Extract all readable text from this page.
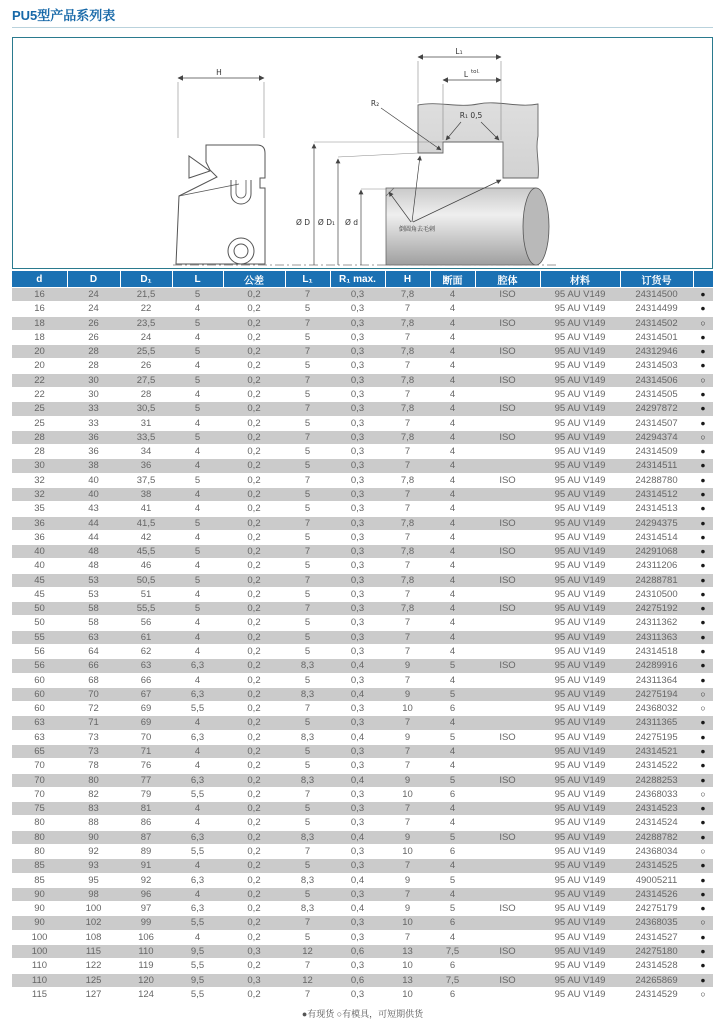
PU5型产品系列表
H
L₁
L tol.
R₂
R₁ 0,5
Ø D Ø D₁ Ø d
倒圆角去毛刺
d	D	D₁	L	公差	L₁	R₁ max.	H	断面	腔体	材料	订货号	
16	24	21,5	5	0,2	7	0,3	7,8	4	ISO	95 AU V149	24314500	●
16	24	22	4	0,2	5	0,3	7	4		95 AU V149	24314499	●
18	26	23,5	5	0,2	7	0,3	7,8	4	ISO	95 AU V149	24314502	○
18	26	24	4	0,2	5	0,3	7	4		95 AU V149	24314501	●
20	28	25,5	5	0,2	7	0,3	7,8	4	ISO	95 AU V149	24312946	●
20	28	26	4	0,2	5	0,3	7	4		95 AU V149	24314503	●
22	30	27,5	5	0,2	7	0,3	7,8	4	ISO	95 AU V149	24314506	○
22	30	28	4	0,2	5	0,3	7	4		95 AU V149	24314505	●
25	33	30,5	5	0,2	7	0,3	7,8	4	ISO	95 AU V149	24297872	●
25	33	31	4	0,2	5	0,3	7	4		95 AU V149	24314507	●
28	36	33,5	5	0,2	7	0,3	7,8	4	ISO	95 AU V149	24294374	○
28	36	34	4	0,2	5	0,3	7	4		95 AU V149	24314509	●
30	38	36	4	0,2	5	0,3	7	4		95 AU V149	24314511	●
32	40	37,5	5	0,2	7	0,3	7,8	4	ISO	95 AU V149	24288780	●
32	40	38	4	0,2	5	0,3	7	4		95 AU V149	24314512	●
35	43	41	4	0,2	5	0,3	7	4		95 AU V149	24314513	●
36	44	41,5	5	0,2	7	0,3	7,8	4	ISO	95 AU V149	24294375	●
36	44	42	4	0,2	5	0,3	7	4		95 AU V149	24314514	●
40	48	45,5	5	0,2	7	0,3	7,8	4	ISO	95 AU V149	24291068	●
40	48	46	4	0,2	5	0,3	7	4		95 AU V149	24311206	●
45	53	50,5	5	0,2	7	0,3	7,8	4	ISO	95 AU V149	24288781	●
45	53	51	4	0,2	5	0,3	7	4		95 AU V149	24310500	●
50	58	55,5	5	0,2	7	0,3	7,8	4	ISO	95 AU V149	24275192	●
50	58	56	4	0,2	5	0,3	7	4		95 AU V149	24311362	●
55	63	61	4	0,2	5	0,3	7	4		95 AU V149	24311363	●
56	64	62	4	0,2	5	0,3	7	4		95 AU V149	24314518	●
56	66	63	6,3	0,2	8,3	0,4	9	5	ISO	95 AU V149	24289916	●
60	68	66	4	0,2	5	0,3	7	4		95 AU V149	24311364	●
60	70	67	6,3	0,2	8,3	0,4	9	5		95 AU V149	24275194	○
60	72	69	5,5	0,2	7	0,3	10	6		95 AU V149	24368032	○
63	71	69	4	0,2	5	0,3	7	4		95 AU V149	24311365	●
63	73	70	6,3	0,2	8,3	0,4	9	5	ISO	95 AU V149	24275195	●
65	73	71	4	0,2	5	0,3	7	4		95 AU V149	24314521	●
70	78	76	4	0,2	5	0,3	7	4		95 AU V149	24314522	●
70	80	77	6,3	0,2	8,3	0,4	9	5	ISO	95 AU V149	24288253	●
70	82	79	5,5	0,2	7	0,3	10	6		95 AU V149	24368033	○
75	83	81	4	0,2	5	0,3	7	4		95 AU V149	24314523	●
80	88	86	4	0,2	5	0,3	7	4		95 AU V149	24314524	●
80	90	87	6,3	0,2	8,3	0,4	9	5	ISO	95 AU V149	24288782	●
80	92	89	5,5	0,2	7	0,3	10	6		95 AU V149	24368034	○
85	93	91	4	0,2	5	0,3	7	4		95 AU V149	24314525	●
85	95	92	6,3	0,2	8,3	0,4	9	5		95 AU V149	49005211	●
90	98	96	4	0,2	5	0,3	7	4		95 AU V149	24314526	●
90	100	97	6,3	0,2	8,3	0,4	9	5	ISO	95 AU V149	24275179	●
90	102	99	5,5	0,2	7	0,3	10	6		95 AU V149	24368035	○
100	108	106	4	0,2	5	0,3	7	4		95 AU V149	24314527	●
100	115	110	9,5	0,3	12	0,6	13	7,5	ISO	95 AU V149	24275180	●
110	122	119	5,5	0,2	7	0,3	10	6		95 AU V149	24314528	●
110	125	120	9,5	0,3	12	0,6	13	7,5	ISO	95 AU V149	24265869	●
115	127	124	5,5	0,2	7	0,3	10	6		95 AU V149	24314529	○
●有现货 ○有模具，可短期供货
